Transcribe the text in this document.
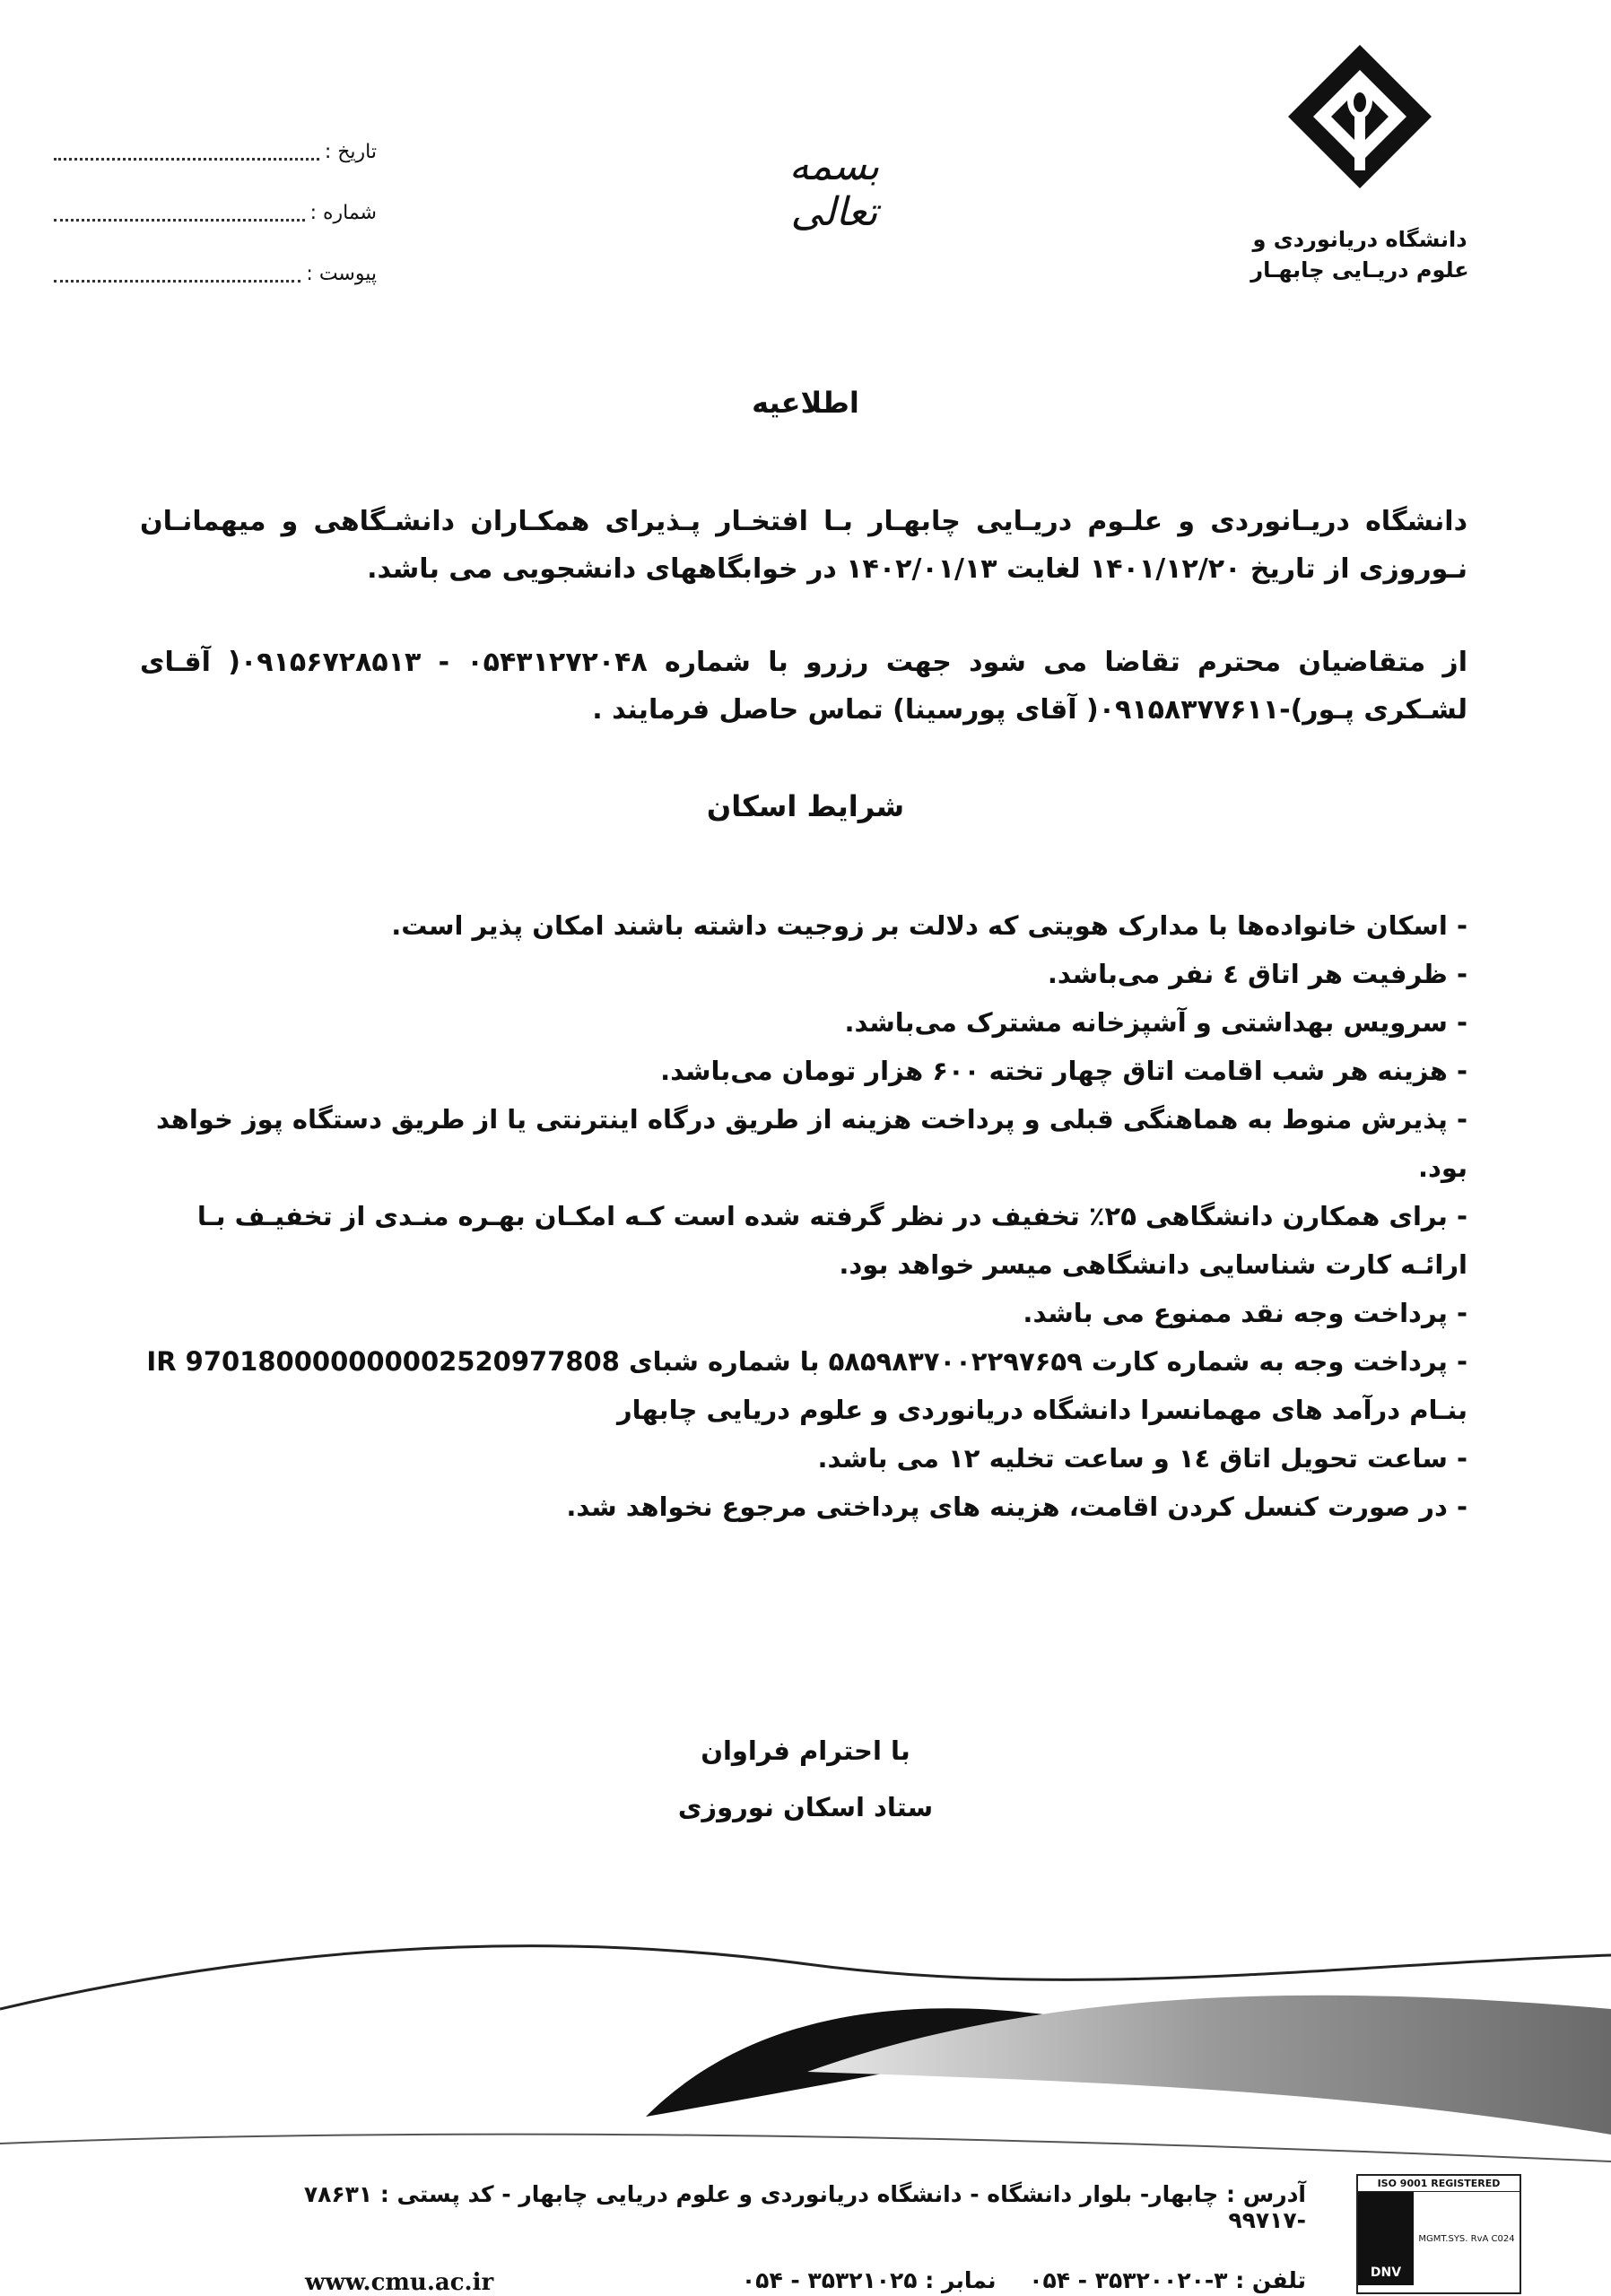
دانشگاه دریانوردی و
علوم دریـایی چابهـار
بسمه تعالی
تاریخ :
شماره :
پیوست :
اطلاعیه

دانشگاه دریـانوردی و علـوم دریـایی چابهـار بـا افتخـار پـذیرای همکـاران دانشـگاهی و میهمانـان نـوروزی از تاریخ ۱۴۰۱/۱۲/۲۰ لغایت ۱۴۰۲/۰۱/۱۳ در خوابگاههای دانشجویی می باشد.

از متقاضیان محترم تقاضا می شود جهت رزرو با شماره ۰۵۴۳۱۲۷۲۰۴۸ - ۰۹۱۵۶۷۲۸۵۱۳( آقـای لشـکری پـور)-۰۹۱۵۸۳۷۷۶۱۱( آقای پورسینا) تماس حاصل فرمایند .

شرایط اسکان
- اسکان خانواده‌ها با مدارک هویتی که دلالت بر زوجیت داشته باشند امکان پذیر است.
- ظرفیت هر اتاق ٤ نفر می‌باشد.
- سرویس بهداشتی و آشپزخانه مشترک می‌باشد.
- هزینه هر شب اقامت اتاق چهار تخته ۶۰۰ هزار تومان می‌باشد.
- پذیرش منوط به هماهنگی قبلی و پرداخت هزینه از طریق درگاه اینترنتی یا از طریق دستگاه پوز خواهد بود.
- برای همکارن دانشگاهی ۲۵٪ تخفیف در نظر گرفته شده است کـه امکـان بهـره منـدی از تخفیـف بـا ارائـه کارت شناسایی دانشگاهی میسر خواهد بود.
- پرداخت وجه نقد ممنوع می باشد.
- پرداخت وجه به شماره کارت ۵۸۵۹۸۳۷۰۰۲۲۹۷۶۵۹ با شماره شبای IR 970180000000002520977808 بنـام درآمد های مهمانسرا دانشگاه دریانوردی و علوم دریایی چابهار
- ساعت تحویل اتاق ۱٤ و ساعت تخلیه ۱۲ می باشد.
- در صورت کنسل کردن اقامت، هزینه های پرداختی مرجوع نخواهد شد.
با احترام فراوان
ستاد اسکان نوروزی
آدرس : چابهار- بلوار دانشگاه - دانشگاه دریانوردی و علوم دریایی چابهار - کد پستی : ۷۸۶۳۱ -۹۹۷۱۷
تلفن : ۳-۳۵۳۲۰۰۲۰ - ۰۵۴ نمابر : ۳۵۳۲۱۰۲۵ - ۰۵۴
www.cmu.ac.ir
ISO 9001 REGISTERED
DNV
MGMT.SYS. RvA C024
